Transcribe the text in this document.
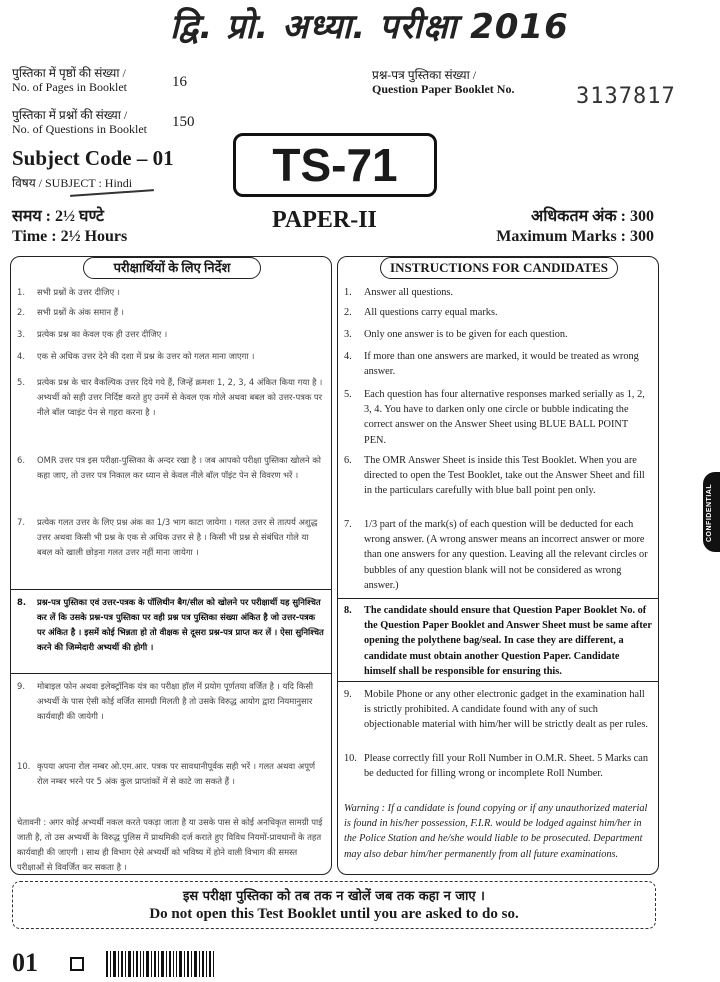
द्वि. प्रो. अध्या. परीक्षा 2016
पुस्तिका में पृष्ठों की संख्या /
No. of Pages in Booklet	16
पुस्तिका में प्रश्नों की संख्या /
No. of Questions in Booklet 150
Subject Code – 01
विषय / SUBJECT : Hindi
प्रश्न-पत्र पुस्तिका संख्या /
Question Paper Booklet No.	3137817
TS-71
समय : 2½ घण्टे
Time : 2½ Hours
PAPER-II	अधिकतम अंक : 300
Maximum Marks : 300
परीक्षार्थियों के लिए निर्देश
1. सभी प्रश्नों के उत्तर दीजिए ।
2. सभी प्रश्नों के अंक समान हैं ।
3. प्रत्येक प्रश्न का केवल एक ही उत्तर दीजिए ।
4. एक से अधिक उत्तर देने की दशा में प्रश्न के उत्तर को गलत माना जाएगा ।
5. प्रत्येक प्रश्न के चार वैकल्पिक उत्तर दिये गये हैं, जिन्हें क्रमशः 1, 2, 3, 4 अंकित किया गया है । अभ्यर्थी को सही उत्तर निर्दिष्ट करते हुए उनमें से केवल एक गोले अथवा बबल को उत्तर-पत्रक पर नीले बॉल प्वाइंट पेन से गहरा करना है ।
6. OMR उत्तर पत्र इस परीक्षा-पुस्तिका के अन्दर रखा है । जब आपको परीक्षा पुस्तिका खोलने को कहा जाए, तो उत्तर पत्र निकाल कर ध्यान से केवल नीले बॉल पॉइंट पेन से विवरण भरें ।
7. प्रत्येक गलत उत्तर के लिए प्रश्न अंक का 1/3 भाग काटा जायेगा । गलत उत्तर से तात्पर्य अशुद्ध उत्तर अथवा किसी भी प्रश्न के एक से अधिक उत्तर से है । किसी भी प्रश्न से संबंधित गोले या बबल को खाली छोड़ना गलत उत्तर नहीं माना जायेगा ।
8. प्रश्न-पत्र पुस्तिका एवं उत्तर-पत्रक के पॉलिथीन बैग/सील को खोलने पर परीक्षार्थी यह सुनिश्चित कर लें कि उसके प्रश्न-पत्र पुस्तिका पर वही प्रश्न पत्र पुस्तिका संख्या अंकित है जो उत्तर-पत्रक पर अंकित है । इसमें कोई भिन्नता हो तो वीक्षक से दूसरा प्रश्न-पत्र प्राप्त कर लें । ऐसा सुनिश्चित करने की जिम्मेदारी अभ्यर्थी की होगी ।
9. मोबाइल फोन अथवा इलेक्ट्रॉनिक यंत्र का परीक्षा हॉल में प्रयोग पूर्णतया वर्जित है । यदि किसी अभ्यर्थी के पास ऐसी कोई वर्जित सामग्री मिलती है तो उसके विरुद्ध आयोग द्वारा नियमानुसार कार्यवाही की जायेगी ।
10. कृपया अपना रोल नम्बर ओ.एम.आर. पत्रक पर सावधानीपूर्वक सही भरें । गलत अथवा अपूर्ण रोल नम्बर भरने पर 5 अंक कुल प्राप्तांकों में से काटे जा सकते हैं ।
चेतावनी : अगर कोई अभ्यर्थी नकल करते पकड़ा जाता है या उसके पास से कोई अनधिकृत सामग्री पाई जाती है, तो उस अभ्यर्थी के विरुद्ध पुलिस में प्राथमिकी दर्ज कराते हुए विविध नियमों-प्रावधानों के तहत कार्यवाही की जाएगी । साथ ही विभाग ऐसे अभ्यर्थी को भविष्य में होने वाली विभाग की समस्त परीक्षाओं से विवर्जित कर सकता है ।
INSTRUCTIONS FOR CANDIDATES
1. Answer all questions.
2. All questions carry equal marks.
3. Only one answer is to be given for each question.
4. If more than one answers are marked, it would be treated as wrong answer.
5. Each question has four alternative responses marked serially as 1, 2, 3, 4. You have to darken only one circle or bubble indicating the correct answer on the Answer Sheet using BLUE BALL POINT PEN.
6. The OMR Answer Sheet is inside this Test Booklet. When you are directed to open the Test Booklet, take out the Answer Sheet and fill in the particulars carefully with blue ball point pen only.
7. 1/3 part of the mark(s) of each question will be deducted for each wrong answer. (A wrong answer means an incorrect answer or more than one answers for any question. Leaving all the relevant circles or bubbles of any question blank will not be considered as wrong answer.)
8. The candidate should ensure that Question Paper Booklet No. of the Question Paper Booklet and Answer Sheet must be same after opening the polythene bag/seal. In case they are different, a candidate must obtain another Question Paper. Candidate himself shall be responsible for ensuring this.
9. Mobile Phone or any other electronic gadget in the examination hall is strictly prohibited. A candidate found with any of such objectionable material with him/her will be strictly dealt as per rules.
10. Please correctly fill your Roll Number in O.M.R. Sheet. 5 Marks can be deducted for filling wrong or incomplete Roll Number.
Warning : If a candidate is found copying or if any unauthorized material is found in his/her possession, F.I.R. would be lodged against him/her in the Police Station and he/she would liable to be prosecuted. Department may also debar him/her permanently from all future examinations.
CONFIDENTIAL
इस परीक्षा पुस्तिका को तब तक न खोलें जब तक कहा न जाए ।
Do not open this Test Booklet until you are asked to do so.
01
